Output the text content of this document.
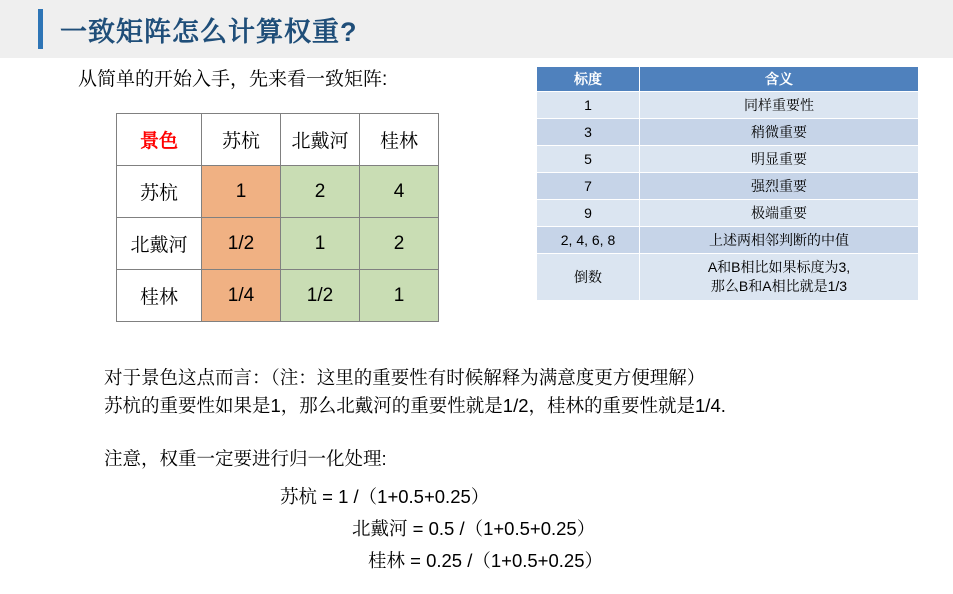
一致矩阵怎么计算权重?
从简单的开始入手，先来看一致矩阵:
景色	苏杭	北戴河	桂林
苏杭	1	2	4
北戴河	1/2	1	2
桂林	1/4	1/2	1
标度	含义
1	同样重要性
3	稍微重要
5	明显重要
7	强烈重要
9	极端重要
2, 4, 6, 8	上述两相邻判断的中值
倒数	A和B相比如果标度为3,
那么B和A相比就是1/3
对于景色这点而言：（注：这里的重要性有时候解释为满意度更方便理解）
苏杭的重要性如果是1，那么北戴河的重要性就是1/2，桂林的重要性就是1/4.
注意，权重一定要进行归一化处理:
苏杭 = 1 /（1+0.5+0.25）
北戴河 = 0.5 /（1+0.5+0.25）
桂林 = 0.25 /（1+0.5+0.25）
